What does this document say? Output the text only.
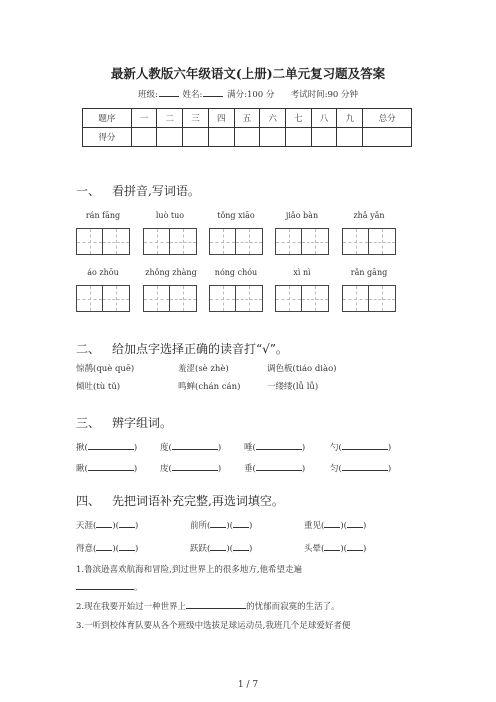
最新人教版六年级语文(上册)二单元复习题及答案
班级:	姓名:	满分:100 分 考试时间:90 分钟
题序	一	二	三	四	五	六	七	八	九	总分
得分										
一、 看拼音,写词语。
rán fāng	luò tuo	tǒng xiāo	jiǎo bàn	zhǎ yǎn
áo zhōu	zhǒng zhàng	nóng chóu	xì nì	rǎn gāng
二、 给加点字选择正确的读音打“√”。
惊鹊(què quē)	羞涩(sè zhè)	调色板(tiáo diào)
倾吐(tù tǔ)	鸣蝉(chán cán)	一缕缕(lǚ lǚ)
三、 辨字组词。
揪(	)	度(	)	唾(	)	勺(	)
瞅(	)	庋(	)	垂(	)	匀(	)
四、 先把词语补充完整,再选词填空。
天涯( )( )	前所( )( )	重见( )( )
得意( )( )	跃跃( )( )	头晕( )( )
1.鲁滨逊喜欢航海和冒险,到过世界上的很多地方,他希望走遍
。
2.现在我要开始过一种世界上	的忧郁而寂寞的生活了。
3.一听到校体育队要从各个班级中选拔足球运动员,我班几个足球爱好者便
1 / 7
